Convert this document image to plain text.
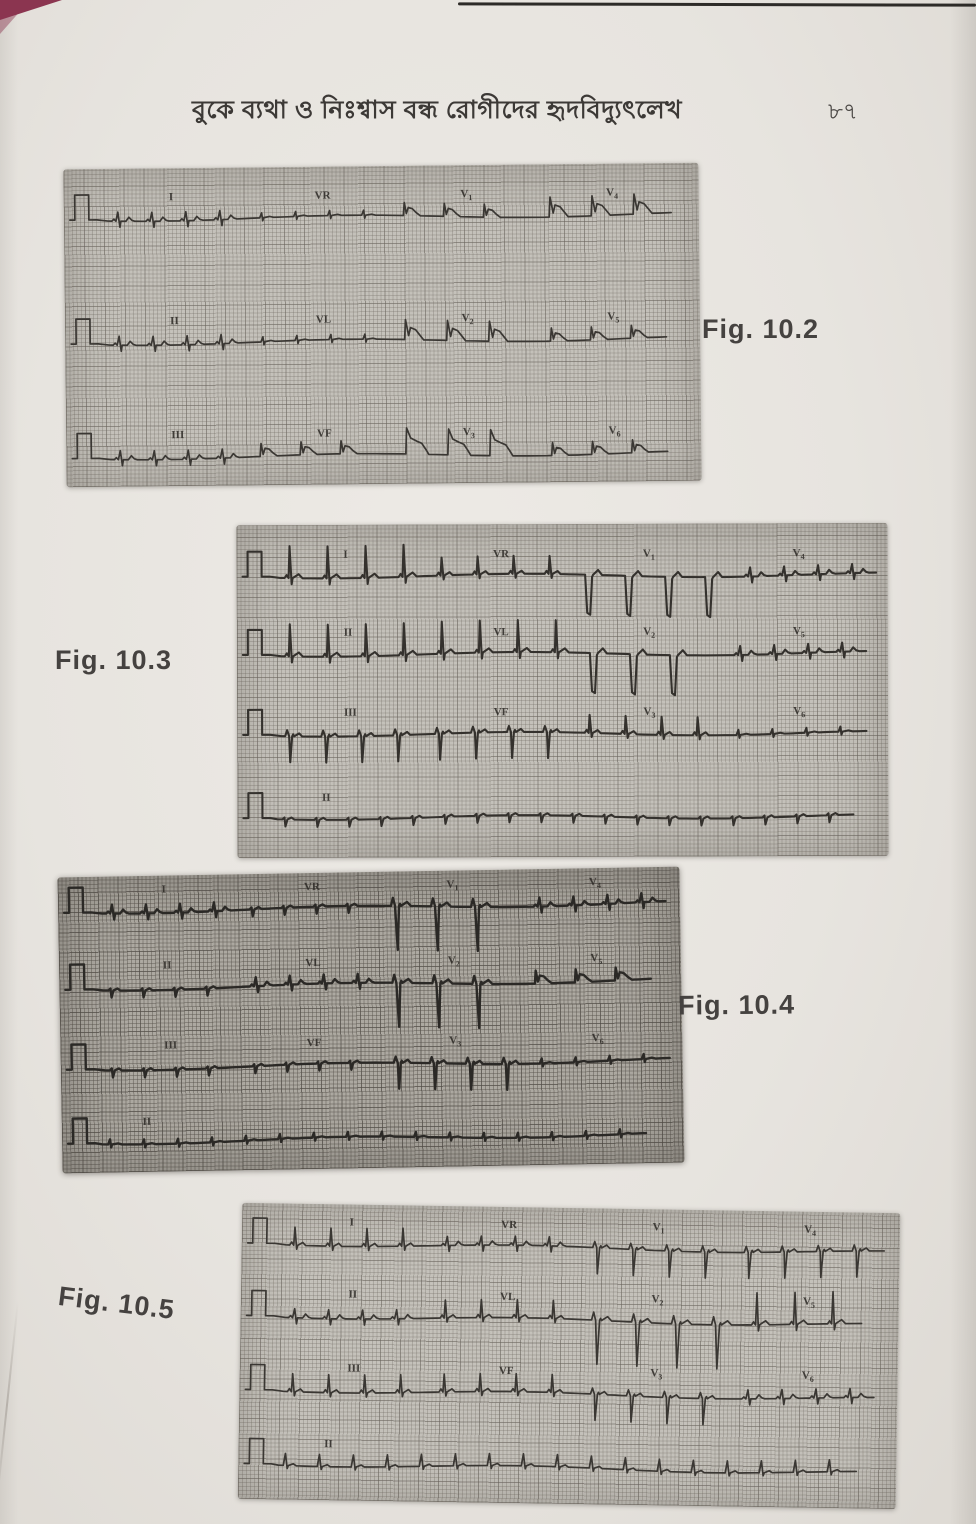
বুকে ব্যথা ও নিঃশ্বাস বন্ধ রোগীদের হৃদবিদ্যুৎলেখ	৮৭
I	VR	$V_1$	$V_4$
II	VL	$V_2$	$V_5$
III	VF	$V_3$	$V_6$
Fig. 10.2
I	VR	$V_1$	$V_4$
II	VL	$V_2$	$V_5$
III	VF	$V_3$	$V_6$
II
Fig. 10.3
I	VR	$V_1$	$V_4$
II	VL	$V_2$	$V_5$
III	VF	$V_3$	$V_6$
II
Fig. 10.4
I	VR	$V_1$	$V_4$
II	VL	$V_2$	$V_5$
III	VF	$V_3$	$V_6$
II
Fig. 10.5
